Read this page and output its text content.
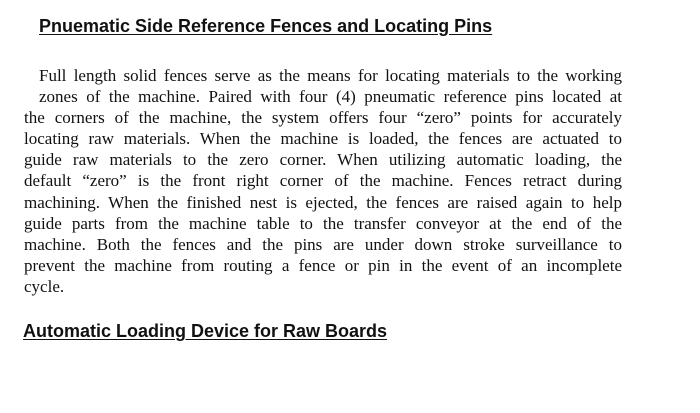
Pnuematic Side Reference Fences and Locating Pins
Full length solid fences serve as the means for locating materials to the working
zones of the machine. Paired with four (4) pneumatic reference pins located at
the corners of the machine, the system offers four “zero” points for accurately
locating raw materials. When the machine is loaded, the fences are actuated to
guide raw materials to the zero corner. When utilizing automatic loading, the
default “zero” is the front right corner of the machine. Fences retract during
machining. When the finished nest is ejected, the fences are raised again to help
guide parts from the machine table to the transfer conveyor at the end of the
machine. Both the fences and the pins are under down stroke surveillance to
prevent the machine from routing a fence or pin in the event of an incomplete
cycle.
Automatic Loading Device for Raw Boards
